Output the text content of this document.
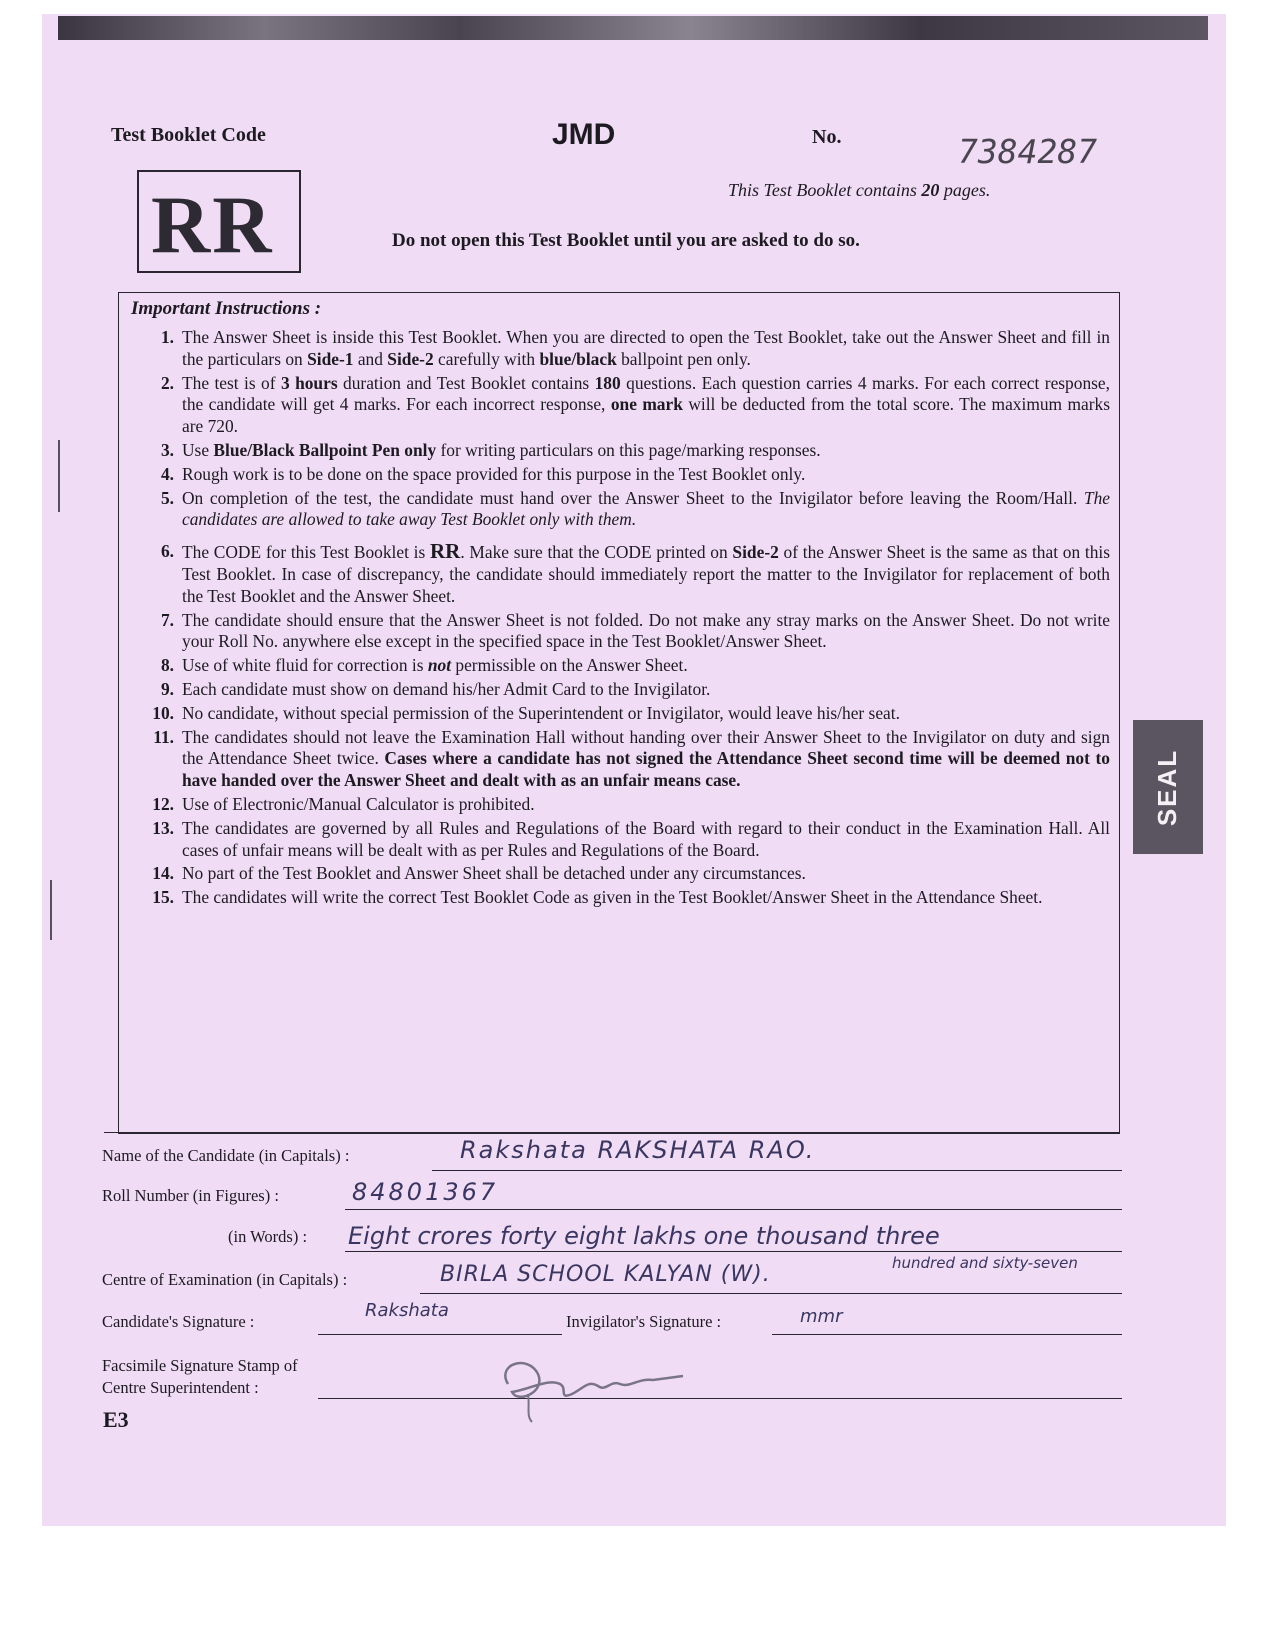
Test Booklet Code	JMD	No.	7384287
RR	This Test Booklet contains 20 pages.
Do not open this Test Booklet until you are asked to do so.
Important Instructions :
1. The Answer Sheet is inside this Test Booklet. When you are directed to open the Test Booklet, take out the Answer Sheet and fill in the particulars on Side-1 and Side-2 carefully with blue/black ballpoint pen only.
2. The test is of 3 hours duration and Test Booklet contains 180 questions. Each question carries 4 marks. For each correct response, the candidate will get 4 marks. For each incorrect response, one mark will be deducted from the total score. The maximum marks are 720.
3. Use Blue/Black Ballpoint Pen only for writing particulars on this page/marking responses.
4. Rough work is to be done on the space provided for this purpose in the Test Booklet only.
5. On completion of the test, the candidate must hand over the Answer Sheet to the Invigilator before leaving the Room/Hall. The candidates are allowed to take away Test Booklet only with them.
6. The CODE for this Test Booklet is RR. Make sure that the CODE printed on Side-2 of the Answer Sheet is the same as that on this Test Booklet. In case of discrepancy, the candidate should immediately report the matter to the Invigilator for replacement of both the Test Booklet and the Answer Sheet.
7. The candidate should ensure that the Answer Sheet is not folded. Do not make any stray marks on the Answer Sheet. Do not write your Roll No. anywhere else except in the specified space in the Test Booklet/Answer Sheet.
8. Use of white fluid for correction is not permissible on the Answer Sheet.
9. Each candidate must show on demand his/her Admit Card to the Invigilator.
10. No candidate, without special permission of the Superintendent or Invigilator, would leave his/her seat.
11. The candidates should not leave the Examination Hall without handing over their Answer Sheet to the Invigilator on duty and sign the Attendance Sheet twice. Cases where a candidate has not signed the Attendance Sheet second time will be deemed not to have handed over the Answer Sheet and dealt with as an unfair means case.
12. Use of Electronic/Manual Calculator is prohibited.
13. The candidates are governed by all Rules and Regulations of the Board with regard to their conduct in the Examination Hall. All cases of unfair means will be dealt with as per Rules and Regulations of the Board.
14. No part of the Test Booklet and Answer Sheet shall be detached under any circumstances.
15. The candidates will write the correct Test Booklet Code as given in the Test Booklet/Answer Sheet in the Attendance Sheet.
SEAL
Name of the Candidate (in Capitals) :	Rakshata RAKSHATA RAO.
Roll Number (in Figures) :	84801367
(in Words) : Eight crores forty eight lakhs one thousand three
hundred and sixty-seven
Centre of Examination (in Capitals) :	BIRLA SCHOOL KALYAN (W).
Candidate's Signature :
Rakshata
Invigilator's Signature :	mmr
Facsimile Signature Stamp of
Centre Superintendent :
E3
